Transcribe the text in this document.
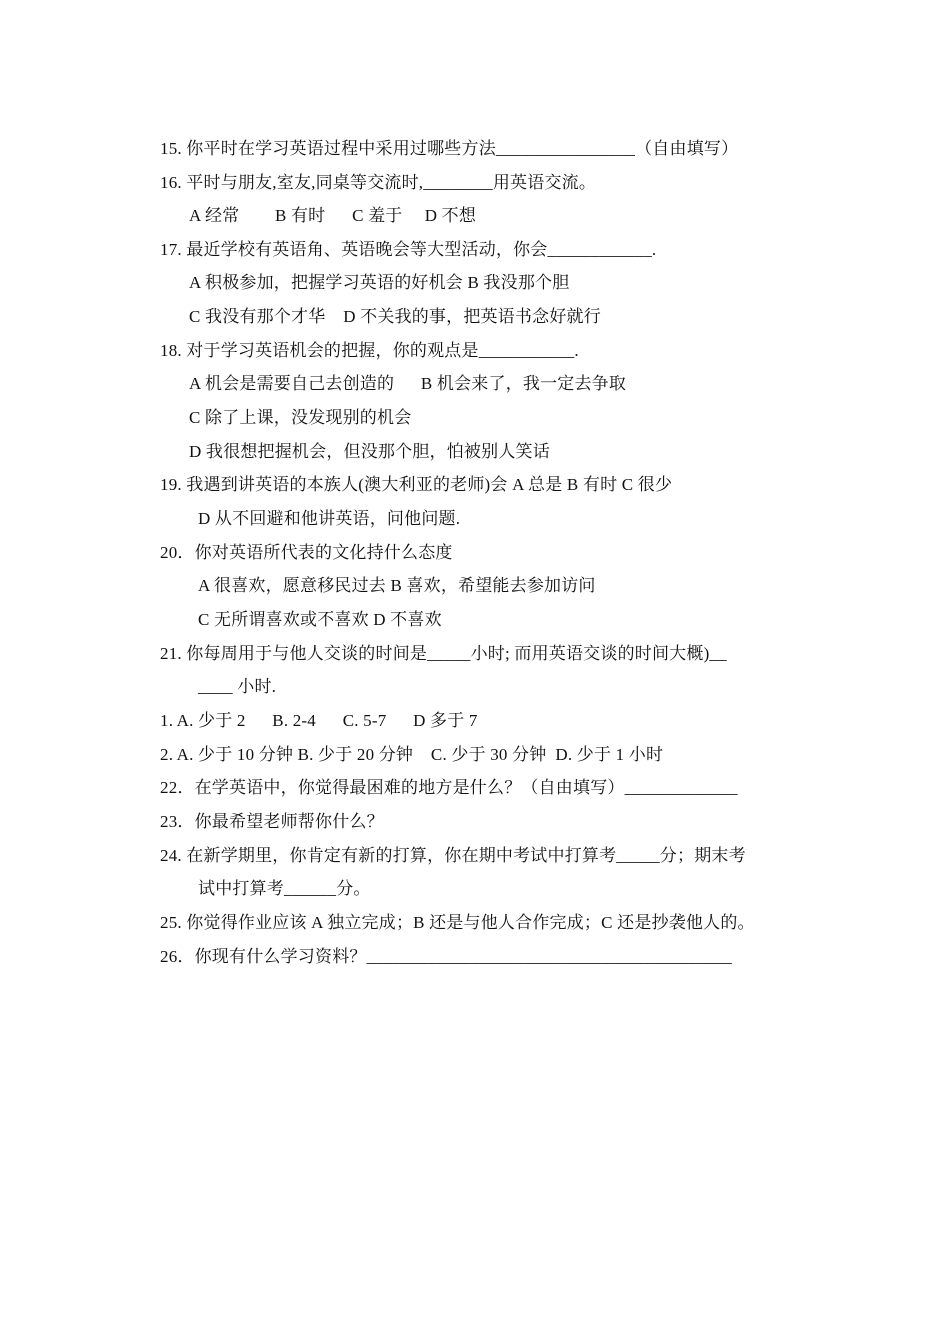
15. 你平时在学习英语过程中采用过哪些方法________________（自由填写）
16. 平时与朋友,室友,同桌等交流时,________用英语交流。
A 经常        B 有时      C 羞于     D 不想
17. 最近学校有英语角、英语晚会等大型活动，你会____________.
A 积极参加，把握学习英语的好机会 B 我没那个胆
C 我没有那个才华    D 不关我的事，把英语书念好就行
18. 对于学习英语机会的把握，你的观点是___________.
A 机会是需要自己去创造的      B 机会来了，我一定去争取
C 除了上课，没发现别的机会
D 我很想把握机会，但没那个胆，怕被别人笑话
19. 我遇到讲英语的本族人(澳大利亚的老师)会 A 总是 B 有时 C 很少
D 从不回避和他讲英语，问他问题.
20．你对英语所代表的文化持什么态度
A 很喜欢，愿意移民过去 B 喜欢，希望能去参加访问
C 无所谓喜欢或不喜欢 D 不喜欢
21. 你每周用于与他人交谈的时间是_____小时; 而用英语交谈的时间大概)__
____ 小时.
1. A. 少于 2      B. 2-4      C. 5-7      D 多于 7
2. A. 少于 10 分钟 B. 少于 20 分钟    C. 少于 30 分钟  D. 少于 1 小时
22．在学英语中，你觉得最困难的地方是什么？（自由填写）_____________
23．你最希望老师帮你什么？
24. 在新学期里，你肯定有新的打算，你在期中考试中打算考_____分；期末考
试中打算考______分。
25. 你觉得作业应该 A 独立完成；B 还是与他人合作完成；C 还是抄袭他人的。
26．你现有什么学习资料？__________________________________________
